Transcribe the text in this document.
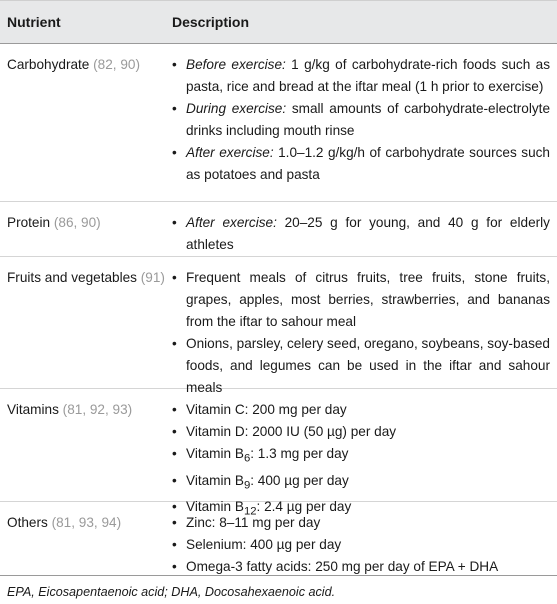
Nutrient	Description
Carbohydrate (82, 90)	• Before exercise: 1 g/kg of carbohydrate-rich foods such as pasta, rice and bread at the iftar meal (1 h prior to exercise)
• During exercise: small amounts of carbohydrate-electrolyte drinks including mouth rinse
• After exercise: 1.0–1.2 g/kg/h of carbohydrate sources such as potatoes and pasta
Protein (86, 90)	• After exercise: 20–25 g for young, and 40 g for elderly athletes
Fruits and vegetables (91)	• Frequent meals of citrus fruits, tree fruits, stone fruits, grapes, apples, most berries, strawberries, and bananas from the iftar to sahour meal
• Onions, parsley, celery seed, oregano, soybeans, soy-based foods, and legumes can be used in the iftar and sahour meals
Vitamins (81, 92, 93)	• Vitamin C: 200 mg per day
• Vitamin D: 2000 IU (50 µg) per day
• Vitamin $B_6$: 1.3 mg per day
• Vitamin $B_9$: 400 µg per day
• Vitamin $B_{12}$: 2.4 µg per day
Others (81, 93, 94)	• Zinc: 8–11 mg per day
• Selenium: 400 µg per day
• Omega-3 fatty acids: 250 mg per day of EPA + DHA
EPA, Eicosapentaenoic acid; DHA, Docosahexaenoic acid.
